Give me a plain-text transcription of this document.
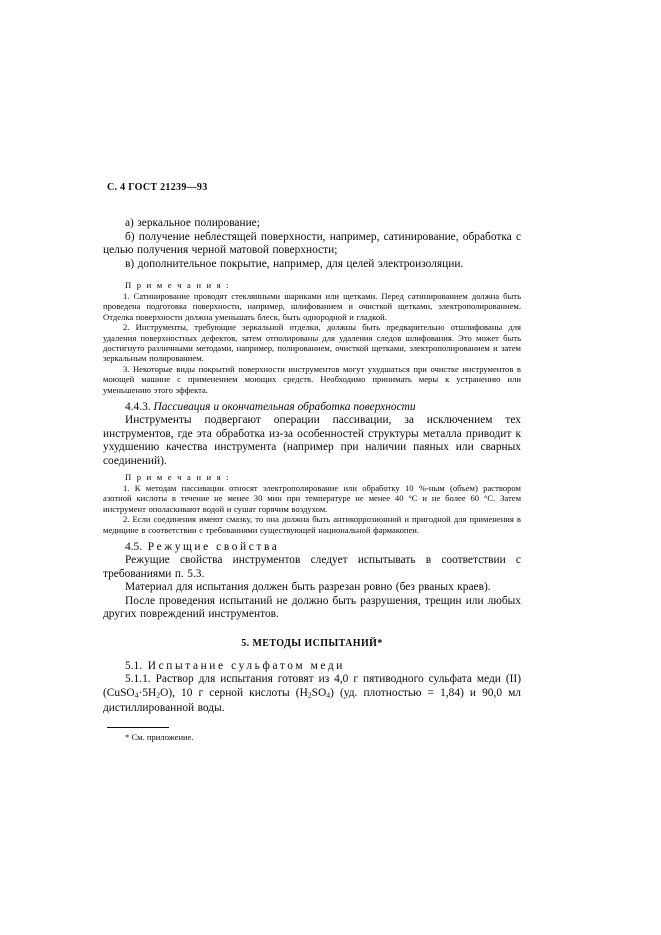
С. 4 ГОСТ 21239—93

а) зеркальное полирование;

б) получение неблестящей поверхности, например, сатинирование, обработка с целью получения черной матовой поверхности;

в) дополнительное покрытие, например, для целей электроизоляции.

П р и м е ч а н и я :

1. Сатинирование проводят стеклянными шариками или щетками. Перед сатинированием должна быть проведена подготовка поверхности, например, шлифованием и очисткой щетками, электрополированием. Отделка поверхности должна уменьшать блеск, быть однородной и гладкой.

2. Инструменты, требующие зеркальной отделки, должны быть предварительно отшлифованы для удаления поверхностных дефектов, затем отполированы для удаления следов шлифования. Это может быть достигнуто различными методами, например, полированием, очисткой щетками, электрополированием и затем зеркальным полированием.

3. Некоторые виды покрытий поверхности инструментов могут ухудшаться при очистке инструментов в моющей машине с применением моющих средств. Необходимо принимать меры к устранению или уменьшению этого эффекта.

4.4.3. Пассивация и окончательная обработка поверхности

Инструменты подвергают операции пассивации, за исключением тех инструментов, где эта обработка из-за особенностей структуры металла приводит к ухудшению качества инструмента (например при наличии паяных или сварных соединений).

П р и м е ч а н и я :

1. К методам пассивации относят электрополирование или обработку 10 %-ным (объем) раствором азотной кислоты в течение не менее 30 мин при температуре не менее 40 °С и не более 60 °С. Затем инструмент ополаскивают водой и сушат горячим воздухом.

2. Если соединения имеют смазку, то она должна быть антикоррозионной и пригодной для применения в медицине в соответствии с требованиями существующей национальной фармакопеи.

4.5. Режущие свойства

Режущие свойства инструментов следует испытывать в соответствии с требованиями п. 5.3.

Материал для испытания должен быть разрезан ровно (без рваных краев).

После проведения испытаний не должно быть разрушения, трещин или любых других повреждений инструментов.

5. МЕТОДЫ ИСПЫТАНИЙ*

5.1. Испытание сульфатом меди

5.1.1. Раствор для испытания готовят из 4,0 г пятиводного сульфата меди (II) $(CuSO_4\cdot 5H_2O)$, 10 г серной кислоты $(H_2SO_4)$ (уд. плотностью = 1,84) и 90,0 мл дистиллированной воды.

* См. приложение.
